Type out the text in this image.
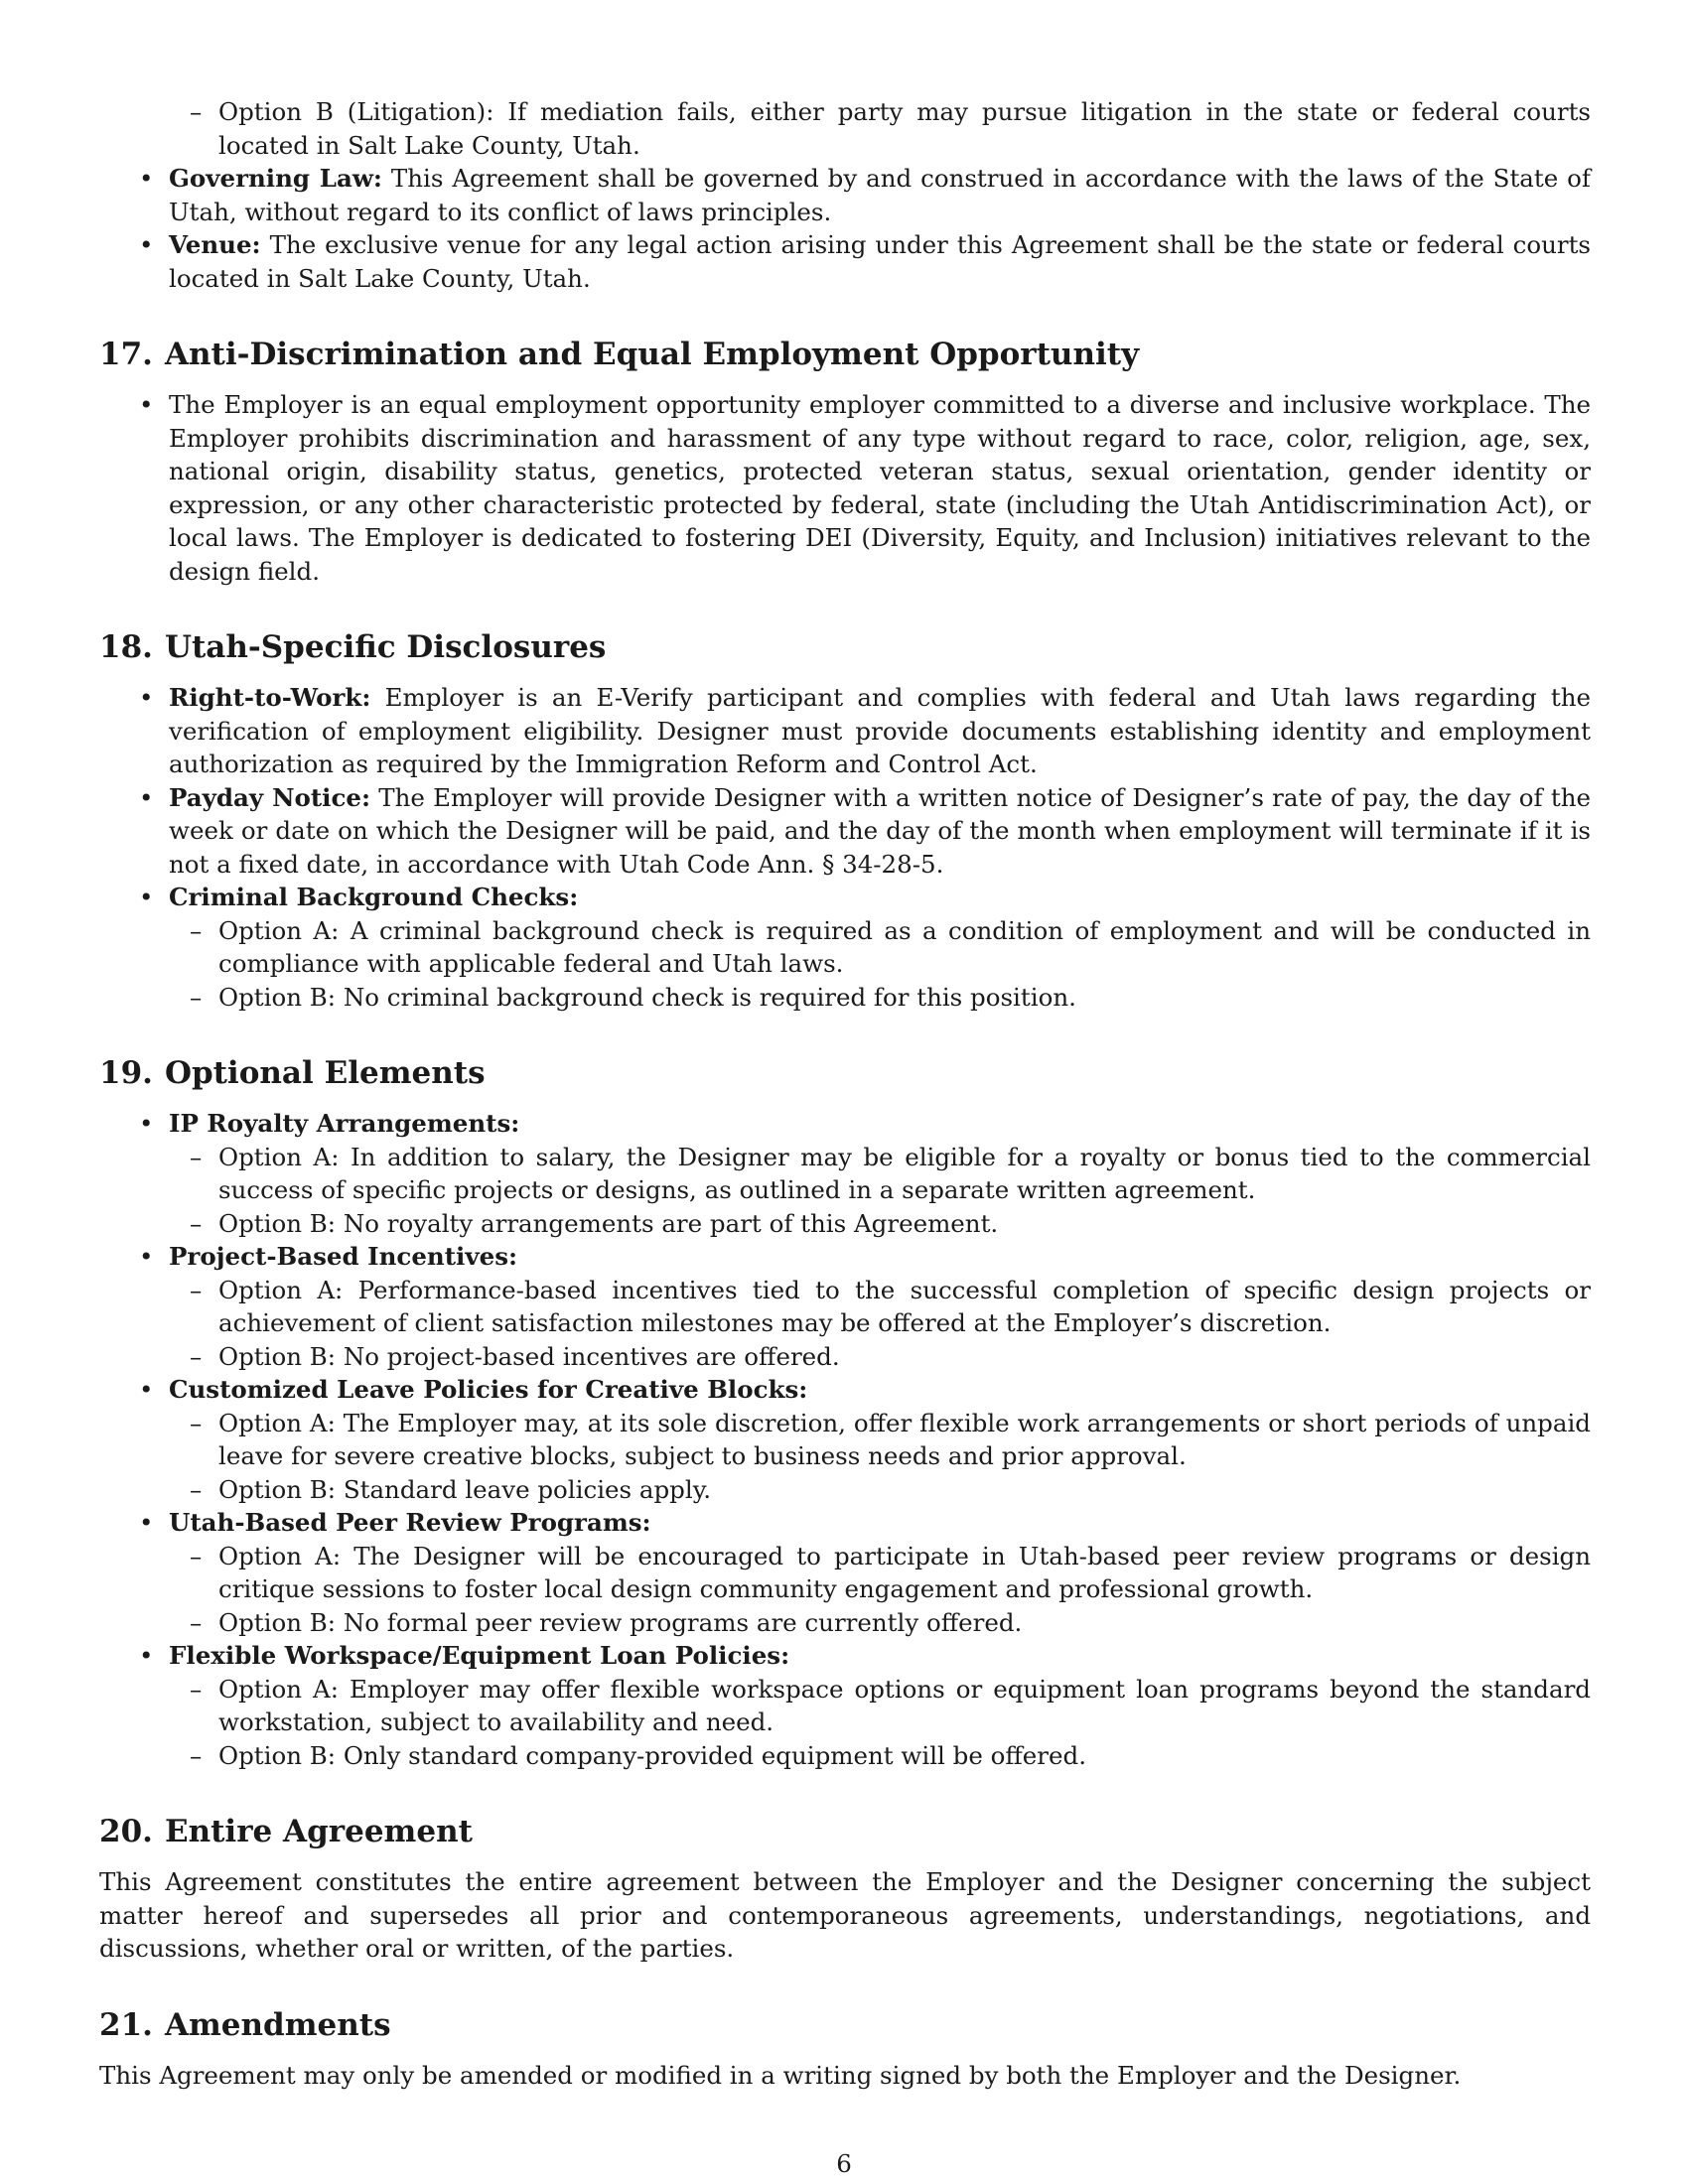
– Option B (Litigation): If mediation fails, either party may pursue litigation in the state or federal courts located in Salt Lake County, Utah.
• Governing Law: This Agreement shall be governed by and construed in accordance with the laws of the State of Utah, without regard to its conflict of laws principles.
• Venue: The exclusive venue for any legal action arising under this Agreement shall be the state or federal courts located in Salt Lake County, Utah.
17. Anti-Discrimination and Equal Employment Opportunity
• The Employer is an equal employment opportunity employer committed to a diverse and inclusive workplace. The Employer prohibits discrimination and harassment of any type without regard to race, color, religion, age, sex, national origin, disability status, genetics, protected veteran status, sexual orientation, gender identity or expression, or any other characteristic protected by federal, state (including the Utah Antidiscrimination Act), or local laws. The Employer is dedicated to fostering DEI (Diversity, Equity, and Inclusion) initiatives relevant to the design field.
18. Utah-Specific Disclosures
• Right-to-Work: Employer is an E-Verify participant and complies with federal and Utah laws regarding the verification of employment eligibility. Designer must provide documents establishing identity and employment authorization as required by the Immigration Reform and Control Act.
• Payday Notice: The Employer will provide Designer with a written notice of Designer’s rate of pay, the day of the week or date on which the Designer will be paid, and the day of the month when employment will terminate if it is not a fixed date, in accordance with Utah Code Ann. § 34-28-5.
• Criminal Background Checks:
– Option A: A criminal background check is required as a condition of employment and will be conducted in compliance with applicable federal and Utah laws.
– Option B: No criminal background check is required for this position.
19. Optional Elements
• IP Royalty Arrangements:
– Option A: In addition to salary, the Designer may be eligible for a royalty or bonus tied to the commercial success of specific projects or designs, as outlined in a separate written agreement.
– Option B: No royalty arrangements are part of this Agreement.
• Project-Based Incentives:
– Option A: Performance-based incentives tied to the successful completion of specific design projects or achievement of client satisfaction milestones may be offered at the Employer’s discretion.
– Option B: No project-based incentives are offered.
• Customized Leave Policies for Creative Blocks:
– Option A: The Employer may, at its sole discretion, offer flexible work arrangements or short periods of unpaid leave for severe creative blocks, subject to business needs and prior approval.
– Option B: Standard leave policies apply.
• Utah-Based Peer Review Programs:
– Option A: The Designer will be encouraged to participate in Utah-based peer review programs or design critique sessions to foster local design community engagement and professional growth.
– Option B: No formal peer review programs are currently offered.
• Flexible Workspace/Equipment Loan Policies:
– Option A: Employer may offer flexible workspace options or equipment loan programs beyond the standard workstation, subject to availability and need.
– Option B: Only standard company-provided equipment will be offered.
20. Entire Agreement

This Agreement constitutes the entire agreement between the Employer and the Designer concerning the subject matter hereof and supersedes all prior and contemporaneous agreements, understandings, negotiations, and discussions, whether oral or written, of the parties.

21. Amendments

This Agreement may only be amended or modified in a writing signed by both the Employer and the Designer.

6
